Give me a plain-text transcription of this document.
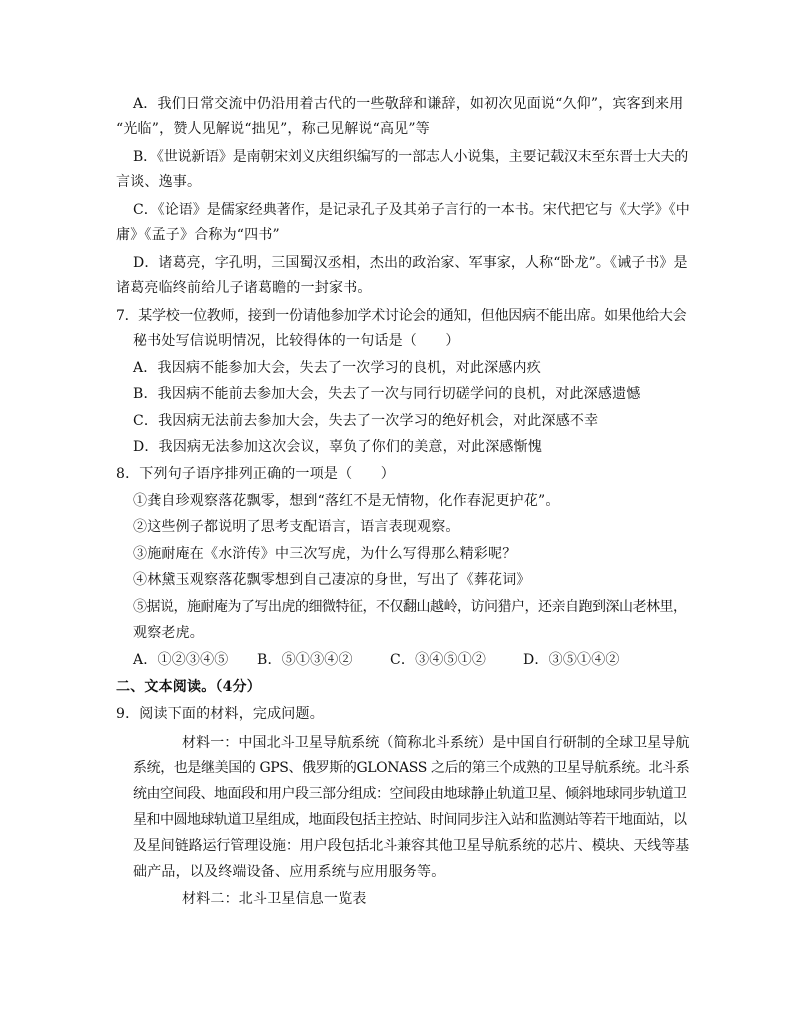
A．我们日常交流中仍沿用着古代的一些敬辞和谦辞，如初次见面说“久仰”，宾客到来用
“光临”，赞人见解说“拙见”，称己见解说“高见”等
B．《世说新语》是南朝宋刘义庆组织编写的一部志人小说集，主要记载汉末至东晋士大夫的
言谈、逸事。
C．《论语》是儒家经典著作，是记录孔子及其弟子言行的一本书。宋代把它与《大学》《中
庸》《孟子》合称为“四书”
D．诸葛亮，字孔明，三国蜀汉丞相，杰出的政治家、军事家，人称“卧龙”。《诫子书》是
诸葛亮临终前给儿子诸葛瞻的一封家书。
7．某学校一位教师，接到一份请他参加学术讨论会的通知，但他因病不能出席。如果他给大会
秘书处写信说明情况，比较得体的一句话是（　　）
A．我因病不能参加大会，失去了一次学习的良机，对此深感内疚
B．我因病不能前去参加大会，失去了一次与同行切磋学问的良机，对此深感遗憾
C．我因病无法前去参加大会，失去了一次学习的绝好机会，对此深感不幸
D．我因病无法参加这次会议，辜负了你们的美意，对此深感惭愧
8．下列句子语序排列正确的一项是（　　）
①龚自珍观察落花飘零，想到“落红不是无情物，化作春泥更护花”。
②这些例子都说明了思考支配语言，语言表现观察。
③施耐庵在《水浒传》中三次写虎，为什么写得那么精彩呢？
④林黛玉观察落花飘零想到自己凄凉的身世，写出了《葬花词》
⑤据说，施耐庵为了写出虎的细微特征，不仅翻山越岭，访问猎户，还亲自跑到深山老林里，
观察老虎。
A．①②③④⑤ B．⑤①③④②	C．③④⑤①②	D．③⑤①④②
二、文本阅读。（4分）
9．阅读下面的材料，完成问题。
材料一：中国北斗卫星导航系统（简称北斗系统）是中国自行研制的全球卫星导航
系统，也是继美国的 GPS、俄罗斯的GLONASS 之后的第三个成熟的卫星导航系统。北斗系
统由空间段、地面段和用户段三部分组成：空间段由地球静止轨道卫星、倾斜地球同步轨道卫
星和中圆地球轨道卫星组成，地面段包括主控站、时间同步注入站和监测站等若干地面站，以
及星间链路运行管理设施：用户段包括北斗兼容其他卫星导航系统的芯片、模块、天线等基
础产品，以及终端设备、应用系统与应用服务等。
材料二：北斗卫星信息一览表
